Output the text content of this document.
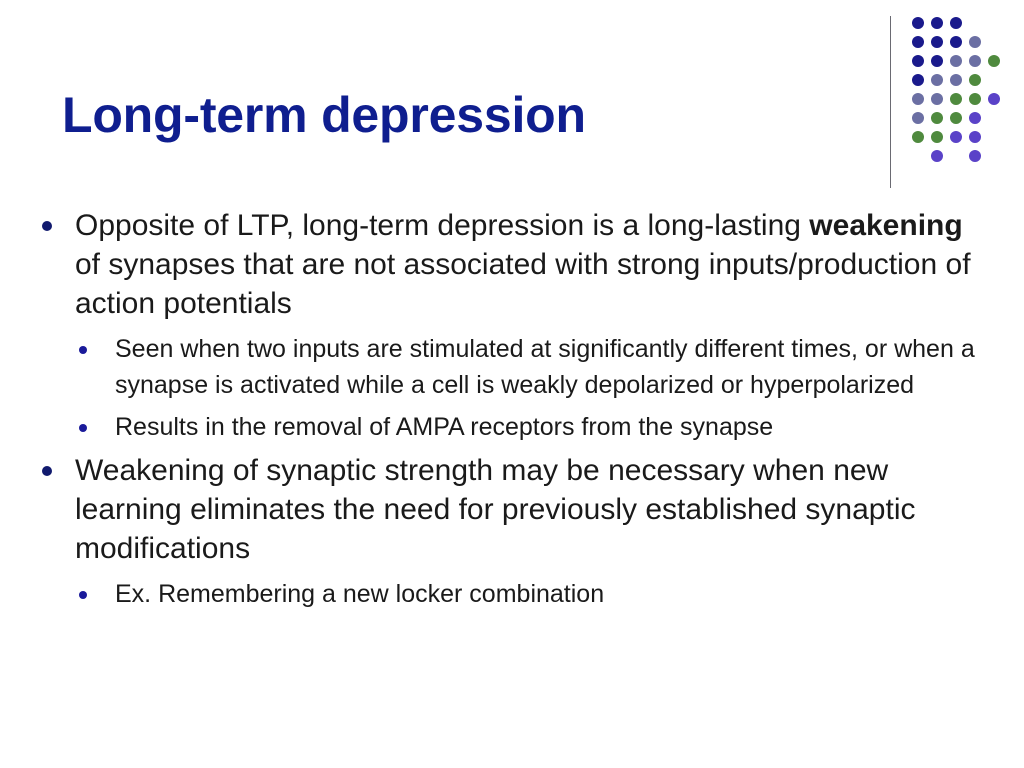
Long-term depression
Opposite of LTP, long-term depression is a long-lasting weakening of synapses that are not associated with strong inputs/production of action potentials
Seen when two inputs are stimulated at significantly different times, or when a synapse is activated while a cell is weakly depolarized or hyperpolarized
Results in the removal of AMPA receptors from the synapse
Weakening of synaptic strength may be necessary when new learning eliminates the need for previously established synaptic modifications
Ex. Remembering a new locker combination
